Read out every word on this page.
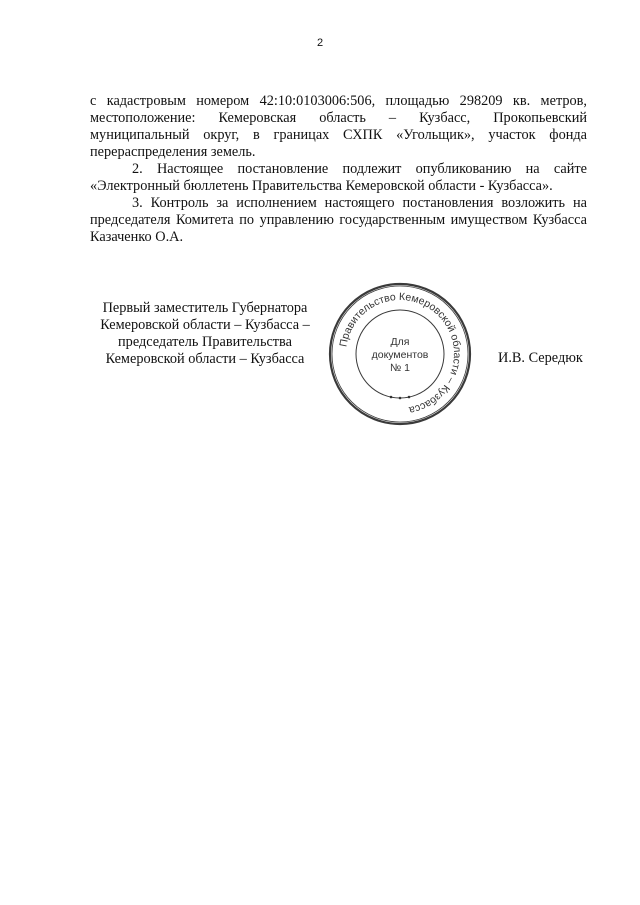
2

с кадастровым номером 42:10:0103006:506, площадью 298209 кв. метров, местоположение: Кемеровская область – Кузбасс, Прокопьевский муниципальный округ, в границах СХПК «Угольщик», участок фонда перераспределения земель.

2. Настоящее постановление подлежит опубликованию на сайте «Электронный бюллетень Правительства Кемеровской области - Кузбасса».

3. Контроль за исполнением настоящего постановления возложить на председателя Комитета по управлению государственным имуществом Кузбасса Казаченко О.А.

Первый заместитель Губернатора
Кемеровской области – Кузбасса –
председатель Правительства
Кемеровской области – Кузбасса
Правительство Кемеровской области – Кузбасса
Для
документов
№ 1
И.В. Середюк
